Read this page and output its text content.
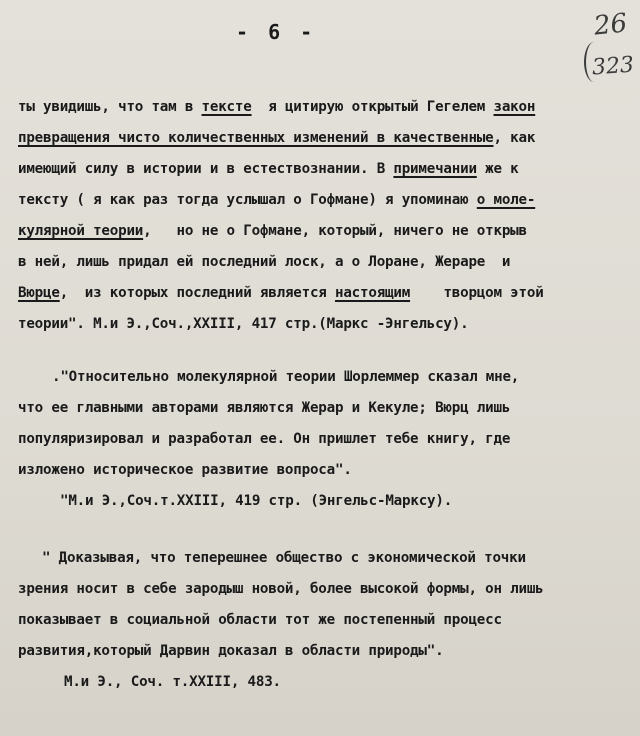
- 6 -	26
323
ты увидишь, что там в тексте  я цитирую открытый Гегелем закон
превращения чисто количественных изменений в качественные, как
имеющий силу в истории и в естествознании. В примечании же к
тексту ( я как раз тогда услышал о Гофмане) я упоминаю о моле-
кулярной теории,   но не о Гофмане, который, ничего не открыв
в ней, лишь придал ей последний лоск, а о Лоране, Жераре  и
Вюрце,  из которых последний является настоящим    творцом этой
теории". М.и Э.,Соч.,XXIII, 417 стр.(Маркс -Энгельсу).
."Относительно молекулярной теории Шорлеммер сказал мне,
что ее главными авторами являются Жерар и Кекуле; Вюрц лишь
популяризировал и разработал ее. Он пришлет тебе книгу, где
изложено историческое развитие вопроса".
"М.и Э.,Соч.т.XXIII, 419 стр. (Энгельс-Марксу).
" Доказывая, что теперешнее общество с экономической точки
зрения носит в себе зародыш новой, более высокой формы, он лишь
показывает в социальной области тот же постепенный процесс
развития,который Дарвин доказал в области природы".
М.и Э., Соч. т.XXIII, 483.
